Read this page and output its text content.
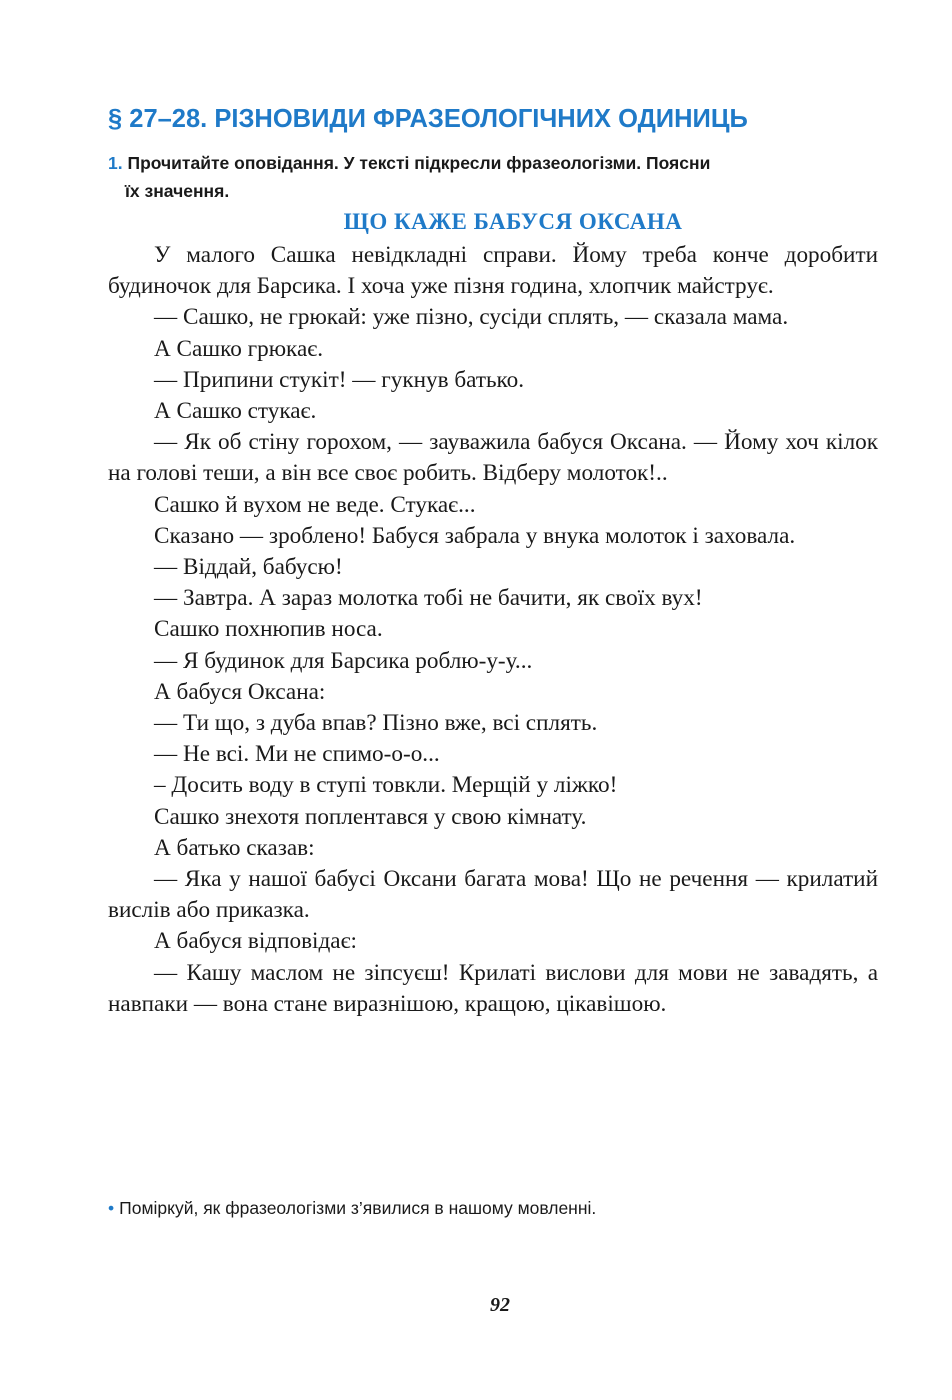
§ 27–28. РІЗНОВИДИ ФРАЗЕОЛОГІЧНИХ ОДИНИЦЬ
1. Прочитайте оповідання. У тексті підкресли фразеологізми. Поясни
їх значення.
ЩО КАЖЕ БАБУСЯ ОКСАНА

У малого Сашка невідкладні справи. Йому треба конче доробити будиночок для Барсика. І хоча уже пізня година, хлопчик майструє.

— Сашко, не грюкай: уже пізно, сусіди сплять, — сказала мама.

А Сашко грюкає.

— Припини стукіт! — гукнув батько.

А Сашко стукає.

— Як об стіну горохом, — зауважила бабуся Оксана. — Йому хоч кілок на голові теши, а він все своє робить. Відберу молоток!..

Сашко й вухом не веде. Стукає...

Сказано — зроблено! Бабуся забрала у внука молоток і заховала.

— Віддай, бабусю!

— Завтра. А зараз молотка тобі не бачити, як своїх вух!

Сашко похнюпив носа.

— Я будинок для Барсика роблю-у-у...

А бабуся Оксана:

— Ти що, з дуба впав? Пізно вже, всі сплять.

— Не всі. Ми не спимо-о-о...

– Досить воду в ступі товкли. Мерщій у ліжко!

Сашко знехотя поплентався у свою кімнату.

А батько сказав:

— Яка у нашої бабусі Оксани багата мова! Що не речення — крилатий вислів або приказка.

А бабуся відповідає:

— Кашу маслом не зіпсуєш! Крилаті вислови для мови не завадять, а навпаки — вона стане виразнішою, кращою, цікавішою.

• Поміркуй, як фразеологізми з’явилися в нашому мовленні.
92
